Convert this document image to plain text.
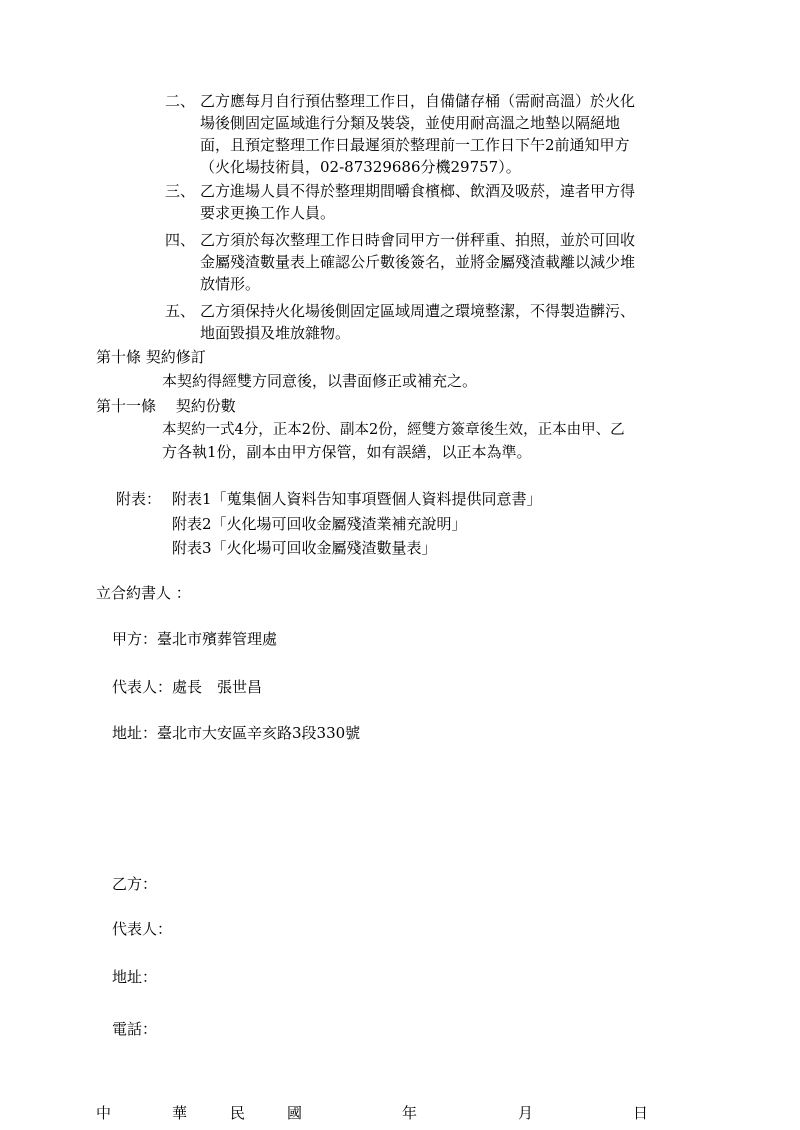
二、 乙方應每月自行預估整理工作日，自備儲存桶（需耐高溫）於火化
場後側固定區域進行分類及裝袋，並使用耐高溫之地墊以隔絕地
面，且預定整理工作日最遲須於整理前一工作日下午2前通知甲方
（火化場技術員，02-87329686分機29757）。
三、 乙方進場人員不得於整理期間嚼食檳榔、飲酒及吸菸，違者甲方得
要求更換工作人員。
四、 乙方須於每次整理工作日時會同甲方一併秤重、拍照，並於可回收
金屬殘渣數量表上確認公斤數後簽名，並將金屬殘渣載離以減少堆
放情形。
五、 乙方須保持火化場後側固定區域周遭之環境整潔，不得製造髒污、
地面毀損及堆放雜物。
第十條 契約修訂
本契約得經雙方同意後，以書面修正或補充之。
第十一條　 契約份數
本契約一式4分，正本2份、副本2份，經雙方簽章後生效，正本由甲、乙
方各執1份，副本由甲方保管，如有誤繕，以正本為準。
附表： 附表1「蒐集個人資料告知事項暨個人資料提供同意書」
附表2「火化場可回收金屬殘渣業補充說明」
附表3「火化場可回收金屬殘渣數量表」
立合約書人 ：
甲方：臺北市殯葬管理處
代表人：處長　張世昌
地址：臺北市大安區辛亥路3段330號
乙方：
代表人：
地址：
電話：
中	華	民	國	年	月	日
